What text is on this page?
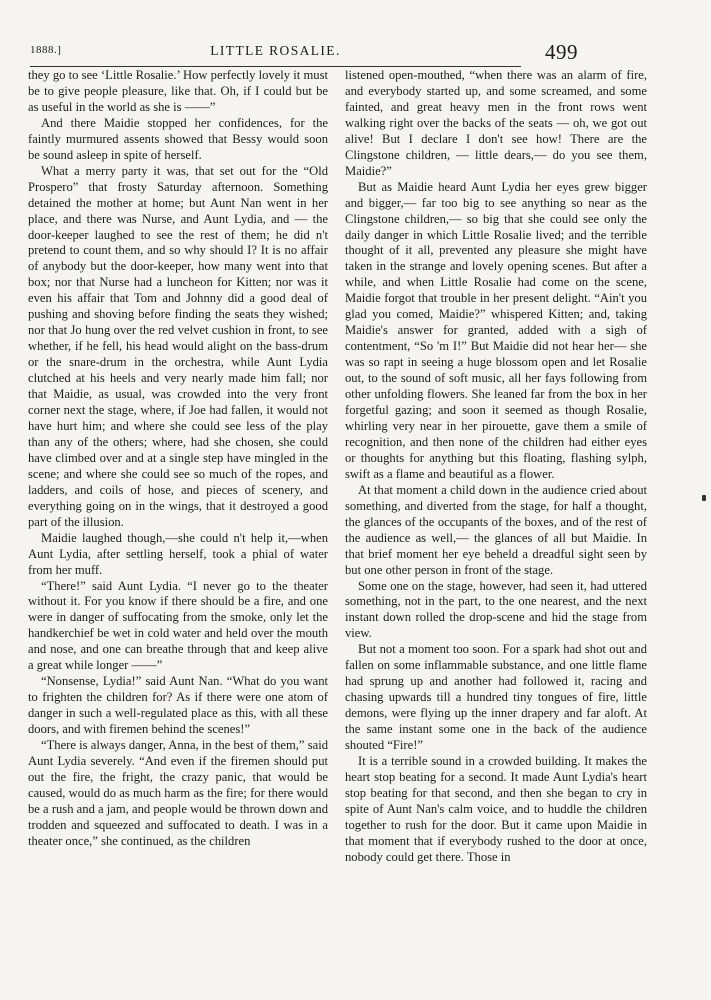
1888.]	LITTLE ROSALIE.	499

they go to see ‘Little Rosalie.’ How perfectly lovely it must be to give people pleasure, like that. Oh, if I could but be as useful in the world as she is ——”

And there Maidie stopped her confidences, for the faintly murmured assents showed that Bessy would soon be sound asleep in spite of herself.

What a merry party it was, that set out for the “Old Prospero” that frosty Saturday afternoon. Something detained the mother at home; but Aunt Nan went in her place, and there was Nurse, and Aunt Lydia, and — the door-keeper laughed to see the rest of them; he did n't pretend to count them, and so why should I? It is no affair of anybody but the door-keeper, how many went into that box; nor that Nurse had a luncheon for Kitten; nor was it even his affair that Tom and Johnny did a good deal of pushing and shoving before finding the seats they wished; nor that Jo hung over the red velvet cushion in front, to see whether, if he fell, his head would alight on the bass-drum or the snare-drum in the orchestra, while Aunt Lydia clutched at his heels and very nearly made him fall; nor that Maidie, as usual, was crowded into the very front corner next the stage, where, if Joe had fallen, it would not have hurt him; and where she could see less of the play than any of the others; where, had she chosen, she could have climbed over and at a single step have mingled in the scene; and where she could see so much of the ropes, and ladders, and coils of hose, and pieces of scenery, and everything going on in the wings, that it destroyed a good part of the illusion.

Maidie laughed though,—she could n't help it,—when Aunt Lydia, after settling herself, took a phial of water from her muff.

“There!” said Aunt Lydia. “I never go to the theater without it. For you know if there should be a fire, and one were in danger of suffocating from the smoke, only let the handkerchief be wet in cold water and held over the mouth and nose, and one can breathe through that and keep alive a great while longer ——”

“Nonsense, Lydia!” said Aunt Nan. “What do you want to frighten the children for? As if there were one atom of danger in such a well-regulated place as this, with all these doors, and with firemen behind the scenes!”

“There is always danger, Anna, in the best of them,” said Aunt Lydia severely. “And even if the firemen should put out the fire, the fright, the crazy panic, that would be caused, would do as much harm as the fire; for there would be a rush and a jam, and people would be thrown down and trodden and squeezed and suffocated to death. I was in a theater once,” she continued, as the children

listened open-mouthed, “when there was an alarm of fire, and everybody started up, and some screamed, and some fainted, and great heavy men in the front rows went walking right over the backs of the seats — oh, we got out alive! But I declare I don't see how! There are the Clingstone children, — little dears,— do you see them, Maidie?”

But as Maidie heard Aunt Lydia her eyes grew bigger and bigger,— far too big to see anything so near as the Clingstone children,— so big that she could see only the daily danger in which Little Rosalie lived; and the terrible thought of it all, prevented any pleasure she might have taken in the strange and lovely opening scenes. But after a while, and when Little Rosalie had come on the scene, Maidie forgot that trouble in her present delight. “Ain't you glad you comed, Maidie?” whispered Kitten; and, taking Maidie's answer for granted, added with a sigh of contentment, “So 'm I!” But Maidie did not hear her— she was so rapt in seeing a huge blossom open and let Rosalie out, to the sound of soft music, all her fays following from other unfolding flowers. She leaned far from the box in her forgetful gazing; and soon it seemed as though Rosalie, whirling very near in her pirouette, gave them a smile of recognition, and then none of the children had either eyes or thoughts for anything but this floating, flashing sylph, swift as a flame and beautiful as a flower.

At that moment a child down in the audience cried about something, and diverted from the stage, for half a thought, the glances of the occupants of the boxes, and of the rest of the audience as well,— the glances of all but Maidie. In that brief moment her eye beheld a dreadful sight seen by but one other person in front of the stage.

Some one on the stage, however, had seen it, had uttered something, not in the part, to the one nearest, and the next instant down rolled the drop-scene and hid the stage from view.

But not a moment too soon. For a spark had shot out and fallen on some inflammable substance, and one little flame had sprung up and another had followed it, racing and chasing upwards till a hundred tiny tongues of fire, little demons, were flying up the inner drapery and far aloft. At the same instant some one in the back of the audience shouted “Fire!”

It is a terrible sound in a crowded building. It makes the heart stop beating for a second. It made Aunt Lydia's heart stop beating for that second, and then she began to cry in spite of Aunt Nan's calm voice, and to huddle the children together to rush for the door. But it came upon Maidie in that moment that if everybody rushed to the door at once, nobody could get there. Those in
